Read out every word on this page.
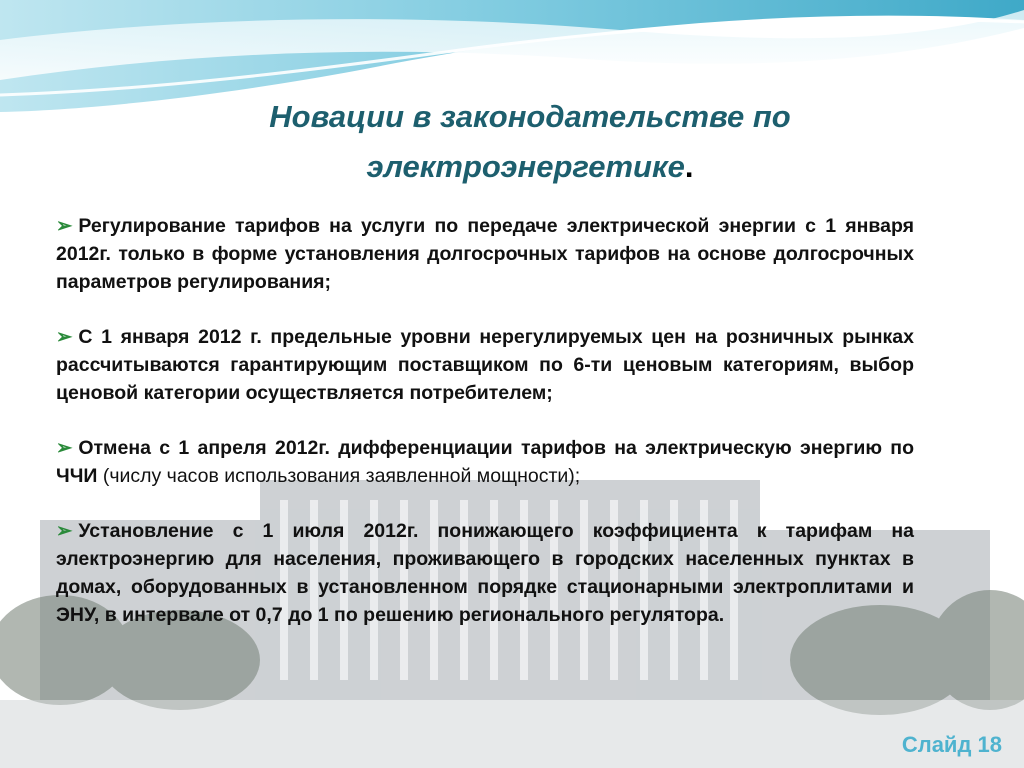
Новации в законодательстве по
электроэнергетике.

➢ Регулирование тарифов на услуги по передаче электрической энергии с 1 января 2012г. только в форме установления долгосрочных тарифов на основе долгосрочных параметров регулирования;

➢ С 1 января 2012 г. предельные уровни нерегулируемых цен на розничных рынках рассчитываются гарантирующим поставщиком по 6-ти ценовым категориям, выбор ценовой категории осуществляется потребителем;

➢ Отмена с 1 апреля 2012г. дифференциации тарифов на электрическую энергию по ЧЧИ (числу часов использования заявленной мощности);

➢ Установление с 1 июля 2012г. понижающего коэффициента к тарифам на электроэнергию для населения, проживающего в городских населенных пунктах в домах, оборудованных в установленном порядке стационарными электроплитами и ЭНУ, в интервале от 0,7 до 1 по решению регионального регулятора.

Слайд 18
